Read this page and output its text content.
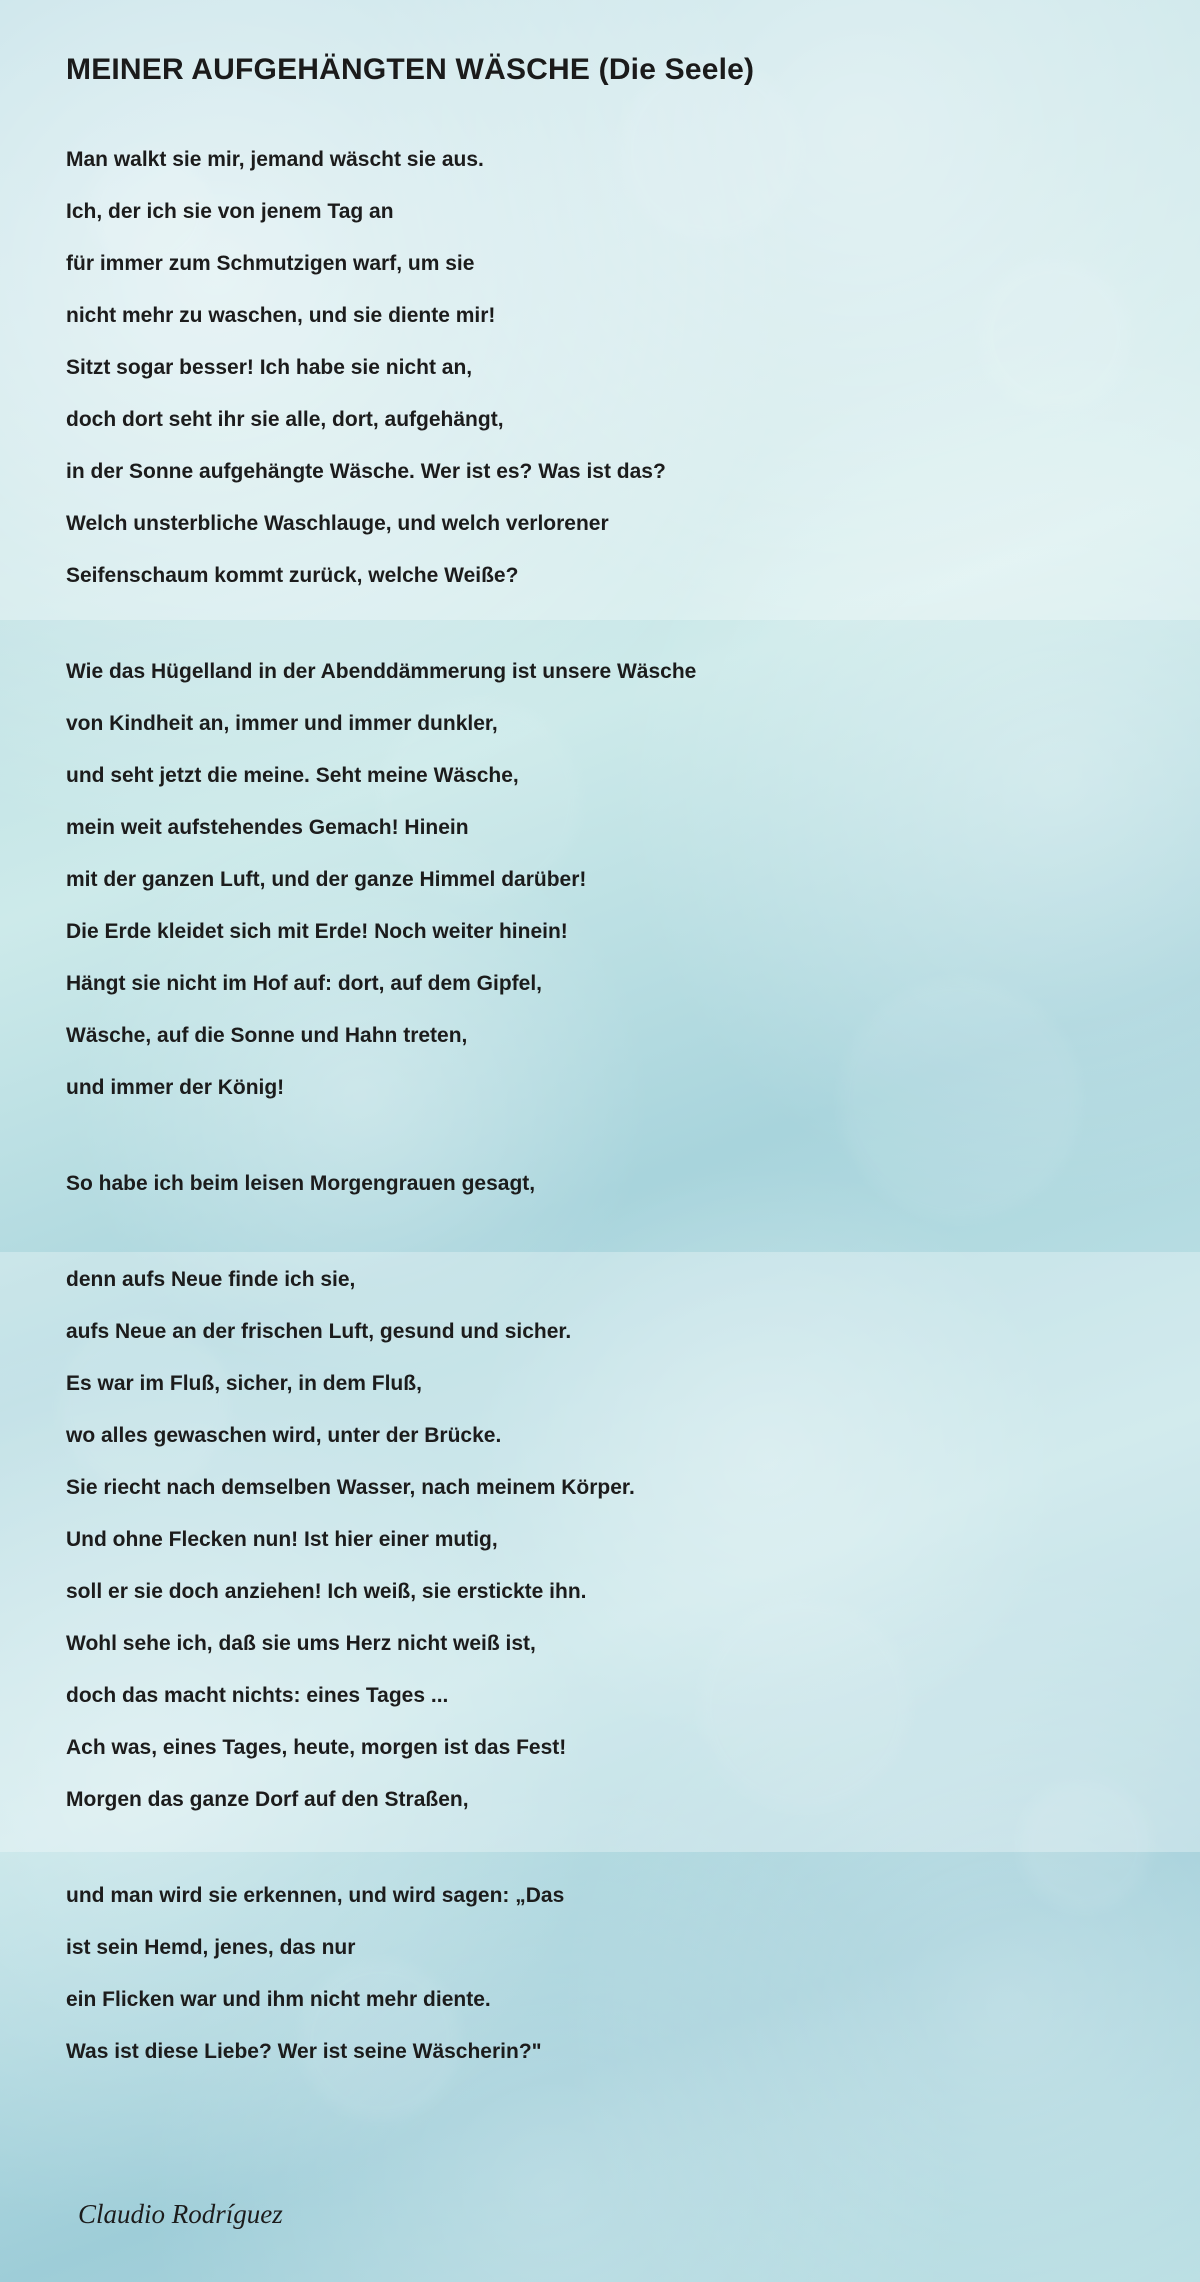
MEINER AUFGEHÄNGTEN WÄSCHE (Die Seele)
Man walkt sie mir, jemand wäscht sie aus.
Ich, der ich sie von jenem Tag an
für immer zum Schmutzigen warf, um sie
nicht mehr zu waschen, und sie diente mir!
Sitzt sogar besser! Ich habe sie nicht an,
doch dort seht ihr sie alle, dort, aufgehängt,
in der Sonne aufgehängte Wäsche. Wer ist es? Was ist das?
Welch unsterbliche Waschlauge, und welch verlorener
Seifenschaum kommt zurück, welche Weiße?
Wie das Hügelland in der Abenddämmerung ist unsere Wäsche
von Kindheit an, immer und immer dunkler,
und seht jetzt die meine. Seht meine Wäsche,
mein weit aufstehendes Gemach! Hinein
mit der ganzen Luft, und der ganze Himmel darüber!
Die Erde kleidet sich mit Erde! Noch weiter hinein!
Hängt sie nicht im Hof auf: dort, auf dem Gipfel,
Wäsche, auf die Sonne und Hahn treten,
und immer der König!
So habe ich beim leisen Morgengrauen gesagt,
denn aufs Neue finde ich sie,
aufs Neue an der frischen Luft, gesund und sicher.
Es war im Fluß, sicher, in dem Fluß,
wo alles gewaschen wird, unter der Brücke.
Sie riecht nach demselben Wasser, nach meinem Körper.
Und ohne Flecken nun! Ist hier einer mutig,
soll er sie doch anziehen! Ich weiß, sie erstickte ihn.
Wohl sehe ich, daß sie ums Herz nicht weiß ist,
doch das macht nichts: eines Tages ...
Ach was, eines Tages, heute, morgen ist das Fest!
Morgen das ganze Dorf auf den Straßen,
und man wird sie erkennen, und wird sagen: „Das
ist sein Hemd, jenes, das nur
ein Flicken war und ihm nicht mehr diente.
Was ist diese Liebe? Wer ist seine Wäscherin?"
Claudio Rodríguez
